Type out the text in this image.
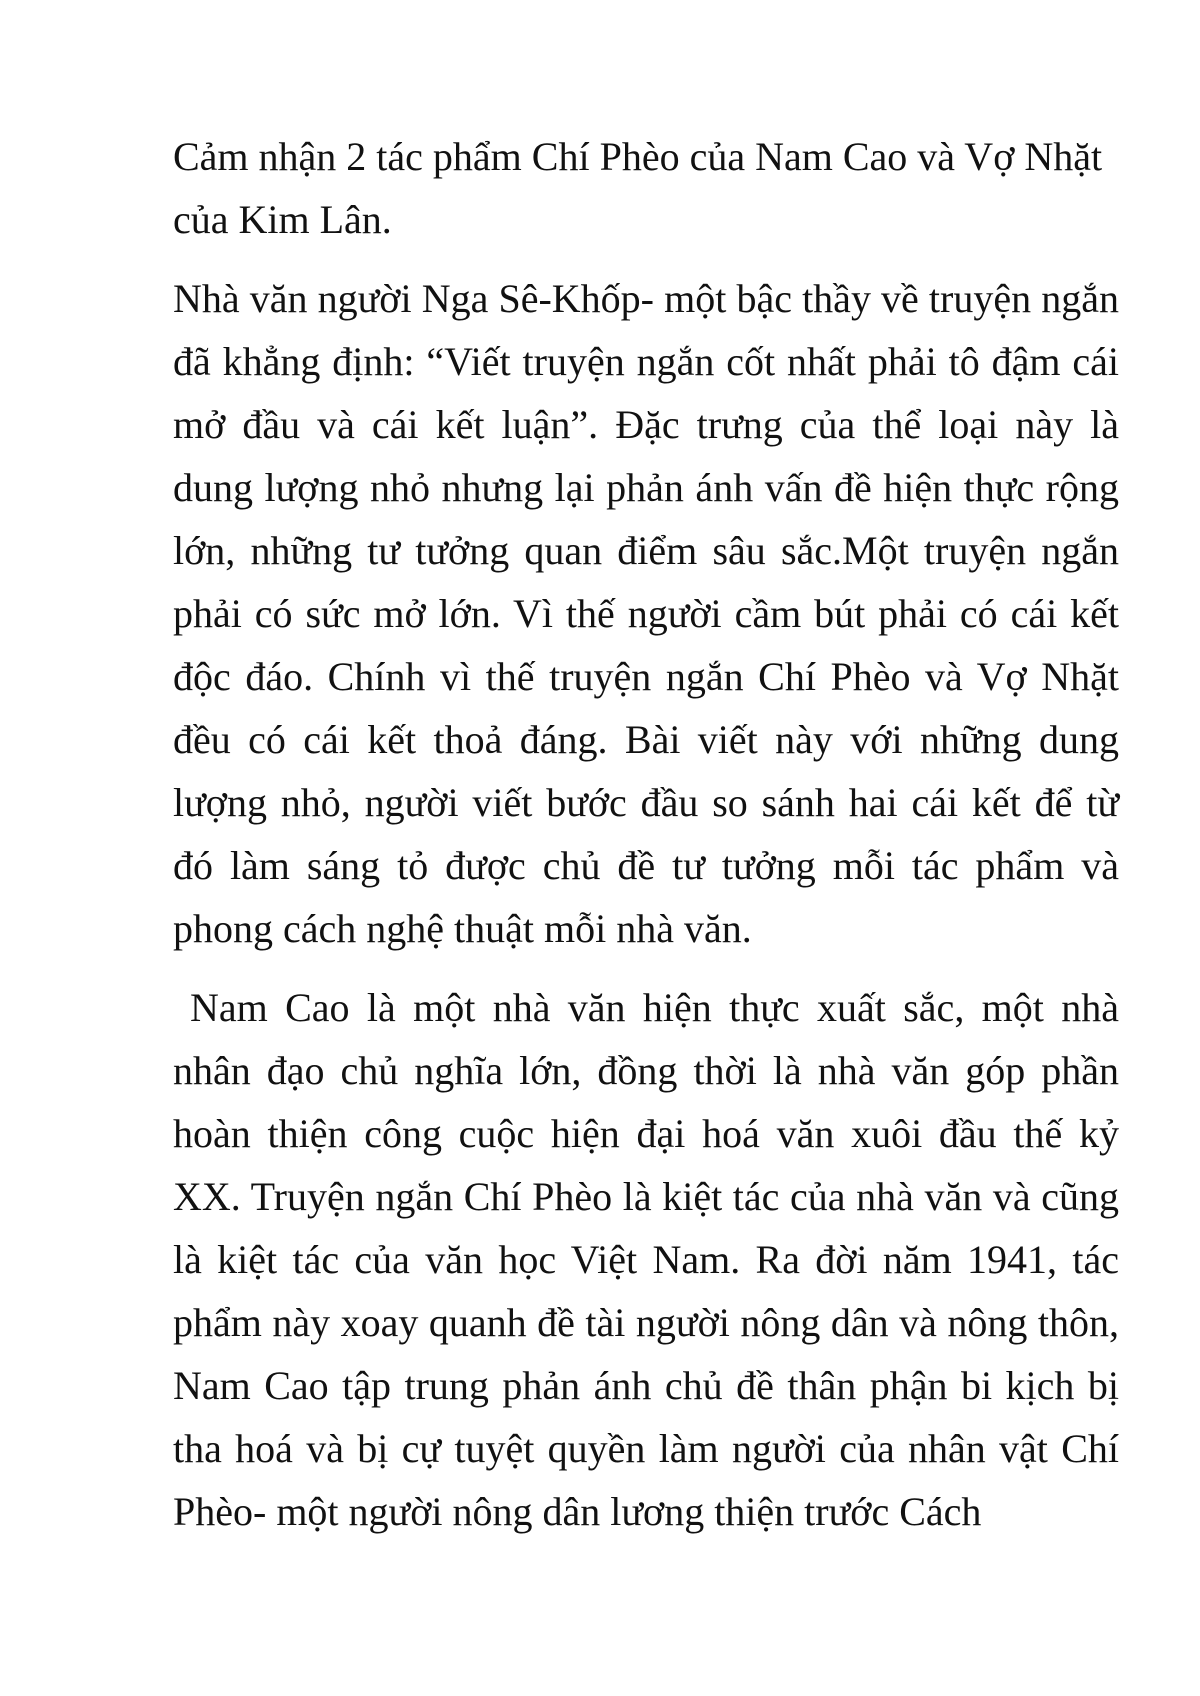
Cảm nhận 2 tác phẩm Chí Phèo của Nam Cao và Vợ Nhặt của Kim Lân.

Nhà văn người Nga Sê-Khốp- một bậc thầy về truyện ngắn đã khẳng định: “Viết truyện ngắn cốt nhất phải tô đậm cái mở đầu và cái kết luận”. Đặc trưng của thể loại này là dung lượng nhỏ nhưng lại phản ánh vấn đề hiện thực rộng lớn, những tư tưởng quan điểm sâu sắc.Một truyện ngắn phải có sức mở lớn. Vì thế người cầm bút phải có cái kết độc đáo. Chính vì thế truyện ngắn Chí Phèo và Vợ Nhặt đều có cái kết thoả đáng. Bài viết này với những dung lượng nhỏ, người viết bước đầu so sánh hai cái kết để từ đó làm sáng tỏ được chủ đề tư tưởng mỗi tác phẩm và phong cách nghệ thuật mỗi nhà văn.

Nam Cao là một nhà văn hiện thực xuất sắc, một nhà nhân đạo chủ nghĩa lớn, đồng thời là nhà văn góp phần hoàn thiện công cuộc hiện đại hoá văn xuôi đầu thế kỷ XX. Truyện ngắn Chí Phèo là kiệt tác của nhà văn và cũng là kiệt tác của văn học Việt Nam. Ra đời năm 1941, tác phẩm này xoay quanh đề tài người nông dân và nông thôn, Nam Cao tập trung phản ánh chủ đề thân phận bi kịch bị tha hoá và bị cự tuyệt quyền làm người của nhân vật Chí Phèo- một người nông dân lương thiện trước Cách
